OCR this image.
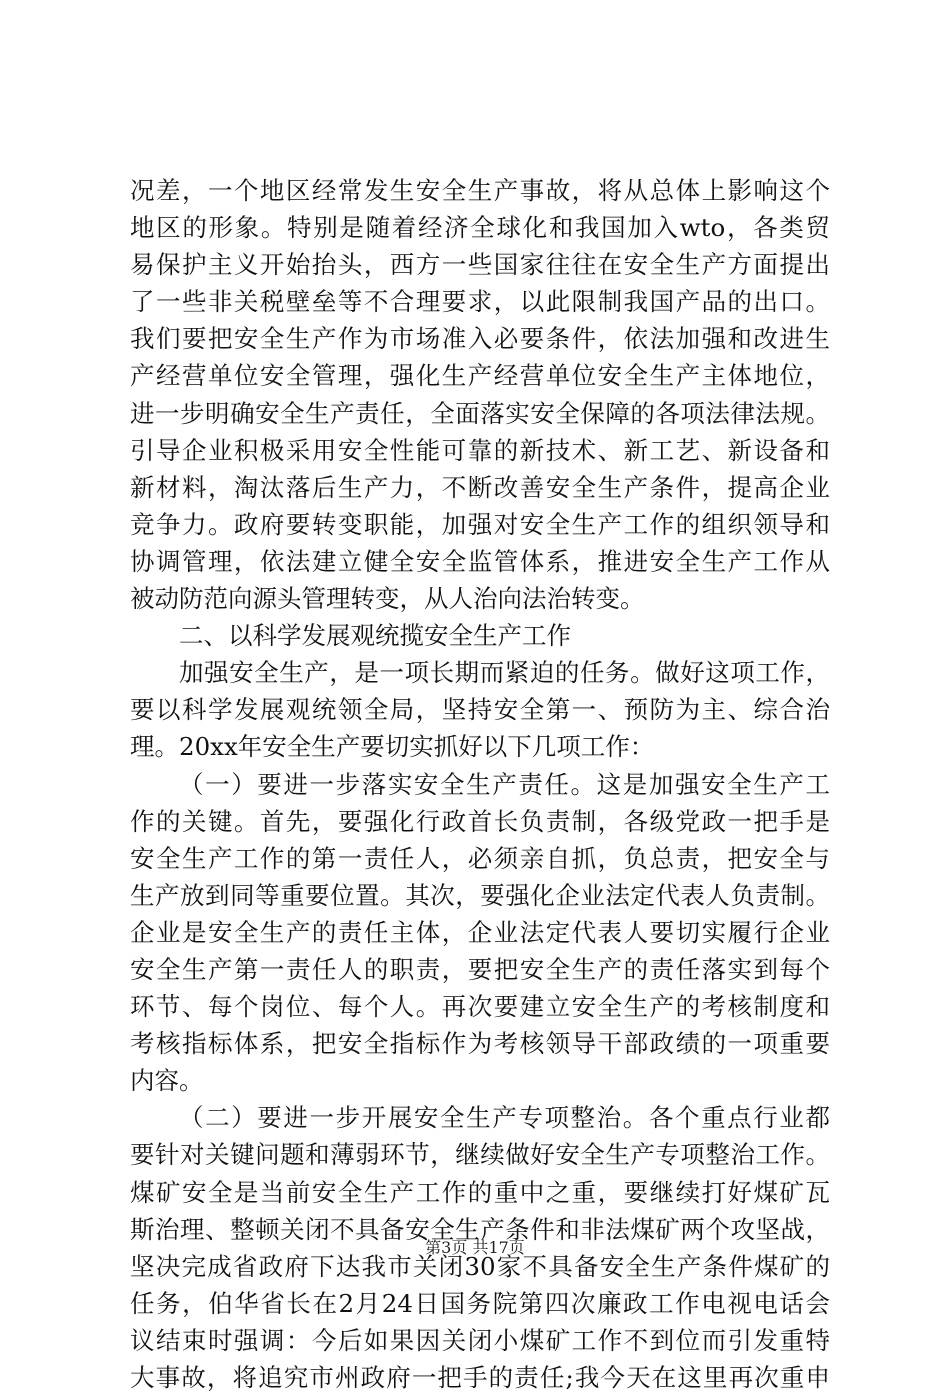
况差，一个地区经常发生安全生产事故，将从总体上影响这个
地区的形象。特别是随着经济全球化和我国加入wto，各类贸
易保护主义开始抬头，西方一些国家往往在安全生产方面提出
了一些非关税壁垒等不合理要求，以此限制我国产品的出口。
我们要把安全生产作为市场准入必要条件，依法加强和改进生
产经营单位安全管理，强化生产经营单位安全生产主体地位，
进一步明确安全生产责任，全面落实安全保障的各项法律法规。
引导企业积极采用安全性能可靠的新技术、新工艺、新设备和
新材料，淘汰落后生产力，不断改善安全生产条件，提高企业
竞争力。政府要转变职能，加强对安全生产工作的组织领导和
协调管理，依法建立健全安全监管体系，推进安全生产工作从
被动防范向源头管理转变，从人治向法治转变。
二、以科学发展观统揽安全生产工作
加强安全生产，是一项长期而紧迫的任务。做好这项工作，
要以科学发展观统领全局，坚持安全第一、预防为主、综合治
理。20xx年安全生产要切实抓好以下几项工作：
（一）要进一步落实安全生产责任。这是加强安全生产工
作的关键。首先，要强化行政首长负责制，各级党政一把手是
安全生产工作的第一责任人，必须亲自抓，负总责，把安全与
生产放到同等重要位置。其次，要强化企业法定代表人负责制。
企业是安全生产的责任主体，企业法定代表人要切实履行企业
安全生产第一责任人的职责，要把安全生产的责任落实到每个
环节、每个岗位、每个人。再次要建立安全生产的考核制度和
考核指标体系，把安全指标作为考核领导干部政绩的一项重要
内容。
（二）要进一步开展安全生产专项整治。各个重点行业都
要针对关键问题和薄弱环节，继续做好安全生产专项整治工作。
煤矿安全是当前安全生产工作的重中之重，要继续打好煤矿瓦
斯治理、整顿关闭不具备安全生产条件和非法煤矿两个攻坚战，
坚决完成省政府下达我市关闭30家不具备安全生产条件煤矿的
任务，伯华省长在2月24日国务院第四次廉政工作电视电话会
议结束时强调：今后如果因关闭小煤矿工作不到位而引发重特
大事故，将追究市州政府一把手的责任;我今天在这里再次重申
第3页 共17页
